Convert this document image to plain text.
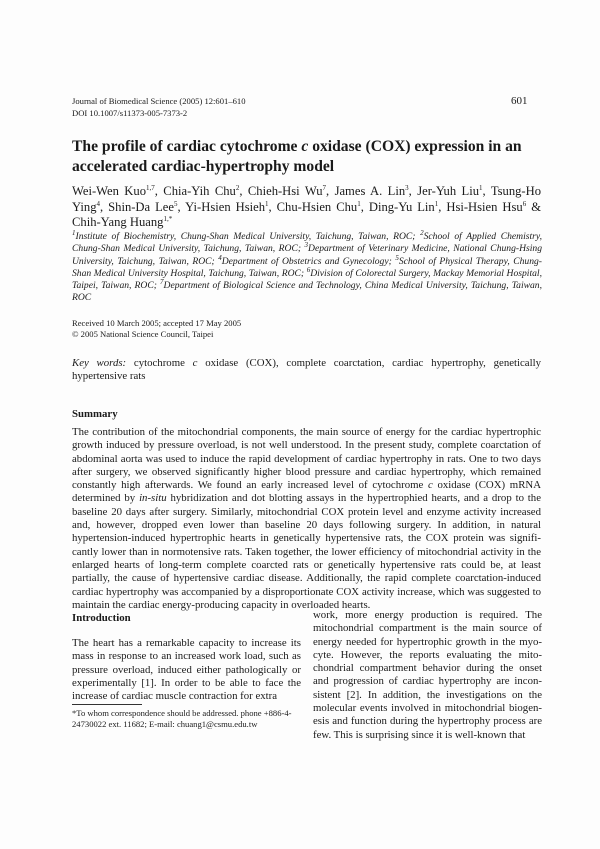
Journal of Biomedical Science (2005) 12:601–610
DOI 10.1007/s11373-005-7373-2
601
The profile of cardiac cytochrome c oxidase (COX) expression in an accelerated cardiac-hypertrophy model
Wei-Wen Kuo$^{1,7}$, Chia-Yih Chu$^2$, Chieh-Hsi Wu$^7$, James A. Lin$^3$, Jer-Yuh Liu$^1$, Tsung-Ho Ying$^4$, Shin-Da Lee$^5$, Yi-Hsien Hsieh$^1$, Chu-Hsien Chu$^1$, Ding-Yu Lin$^1$, Hsi-Hsien Hsu$^6$ & Chih-Yang Huang$^{1,*}$
$^1$Institute of Biochemistry, Chung-Shan Medical University, Taichung, Taiwan, ROC; $^2$School of Applied Chemistry, Chung-Shan Medical University, Taichung, Taiwan, ROC; $^3$Department of Veterinary Medicine, National Chung-Hsing University, Taichung, Taiwan, ROC; $^4$Department of Obstetrics and Gynecology; $^5$School of Physical Therapy, Chung-Shan Medical University Hospital, Taichung, Taiwan, ROC; $^6$Division of Colorectal Surgery, Mackay Memorial Hospital, Taipei, Taiwan, ROC; $^7$Department of Biological Science and Technology, China Medical University, Taichung, Taiwan, ROC
Received 10 March 2005; accepted 17 May 2005
© 2005 National Science Council, Taipei
Key words: cytochrome c oxidase (COX), complete coarctation, cardiac hypertrophy, genetically hypertensive rats
Summary
The contribution of the mitochondrial components, the main source of energy for the cardiac hypertrophic growth induced by pressure overload, is not well understood. In the present study, complete coarctation of abdominal aorta was used to induce the rapid development of cardiac hypertrophy in rats. One to two days after surgery, we observed significantly higher blood pressure and cardiac hypertrophy, which remained constantly high afterwards. We found an early increased level of cytochrome c oxidase (COX) mRNA determined by in-situ hybridization and dot blotting assays in the hypertrophied hearts, and a drop to the baseline 20 days after surgery. Similarly, mitochondrial COX protein level and enzyme activity increased and, however, dropped even lower than baseline 20 days following surgery. In addition, in natural hypertension-induced hypertrophic hearts in genetically hypertensive rats, the COX protein was signifi-cantly lower than in normotensive rats. Taken together, the lower efficiency of mitochondrial activity in the enlarged hearts of long-term complete coarcted rats or genetically hypertensive rats could be, at least partially, the cause of hypertensive cardiac disease. Additionally, the rapid complete coarctation-induced cardiac hypertrophy was accompanied by a disproportionate COX activity increase, which was suggested to maintain the cardiac energy-producing capacity in overloaded hearts.
Introduction
The heart has a remarkable capacity to increase its mass in response to an increased work load, such as pressure overload, induced either pathologically or experimentally [1]. In order to be able to face the increase of cardiac muscle contraction for extra
work, more energy production is required. The mitochondrial compartment is the main source of energy needed for hypertrophic growth in the myo-cyte. However, the reports evaluating the mito-chondrial compartment behavior during the onset and progression of cardiac hypertrophy are incon-sistent [2]. In addition, the investigations on the molecular events involved in mitochondrial biogen-esis and function during the hypertrophy process are few. This is surprising since it is well-known that
*To whom correspondence should be addressed. phone +886-4-24730022 ext. 11682; E-mail: chuang1@csmu.edu.tw
